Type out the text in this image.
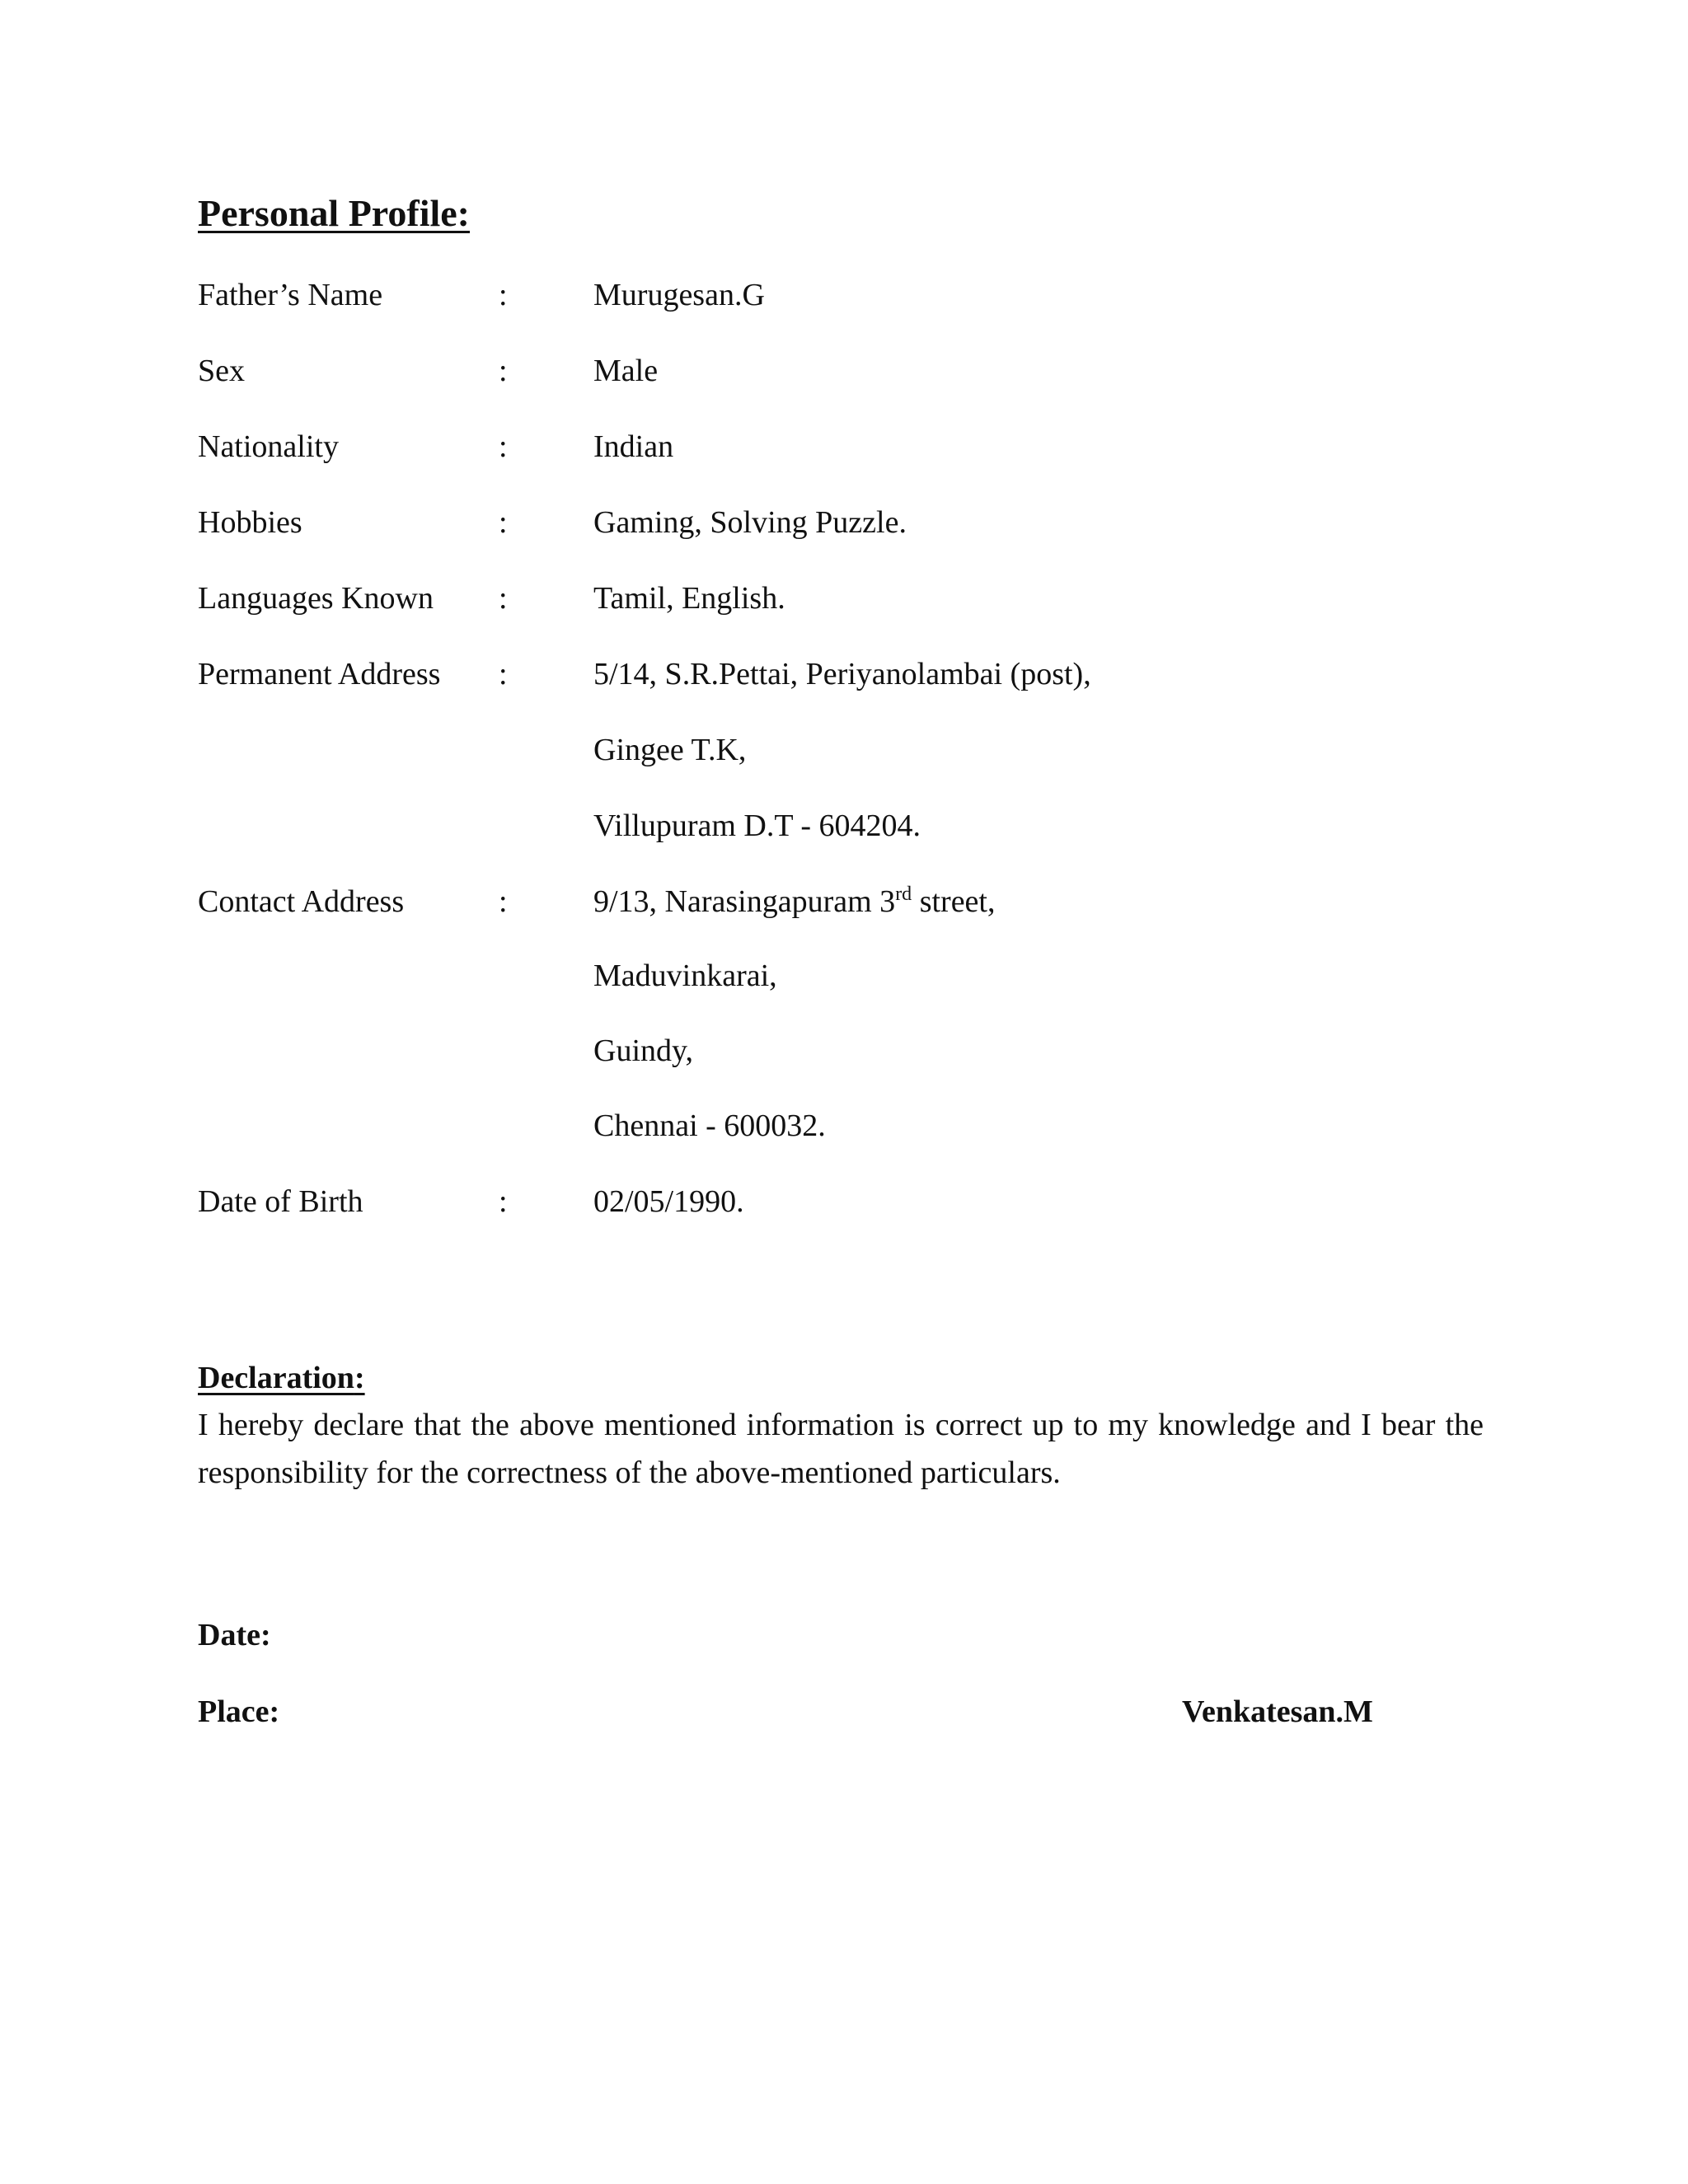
Personal Profile:
Father’s Name	:	Murugesan.G
Sex	:	Male
Nationality	:	Indian
Hobbies	:	Gaming, Solving Puzzle.
Languages Known :	Tamil, English.
Permanent Address :	5/14, S.R.Pettai, Periyanolambai (post),
Gingee T.K,
Villupuram D.T - 604204.
Contact Address	:	9/13, Narasingapuram 3rd street,
Maduvinkarai,
Guindy,
Chennai - 600032.
Date of Birth	:	02/05/1990.
Declaration:
I hereby declare that the above mentioned information is correct up to my knowledge and I bear the responsibility for the correctness of the above-mentioned particulars.
Date:
Place:	Venkatesan.M
